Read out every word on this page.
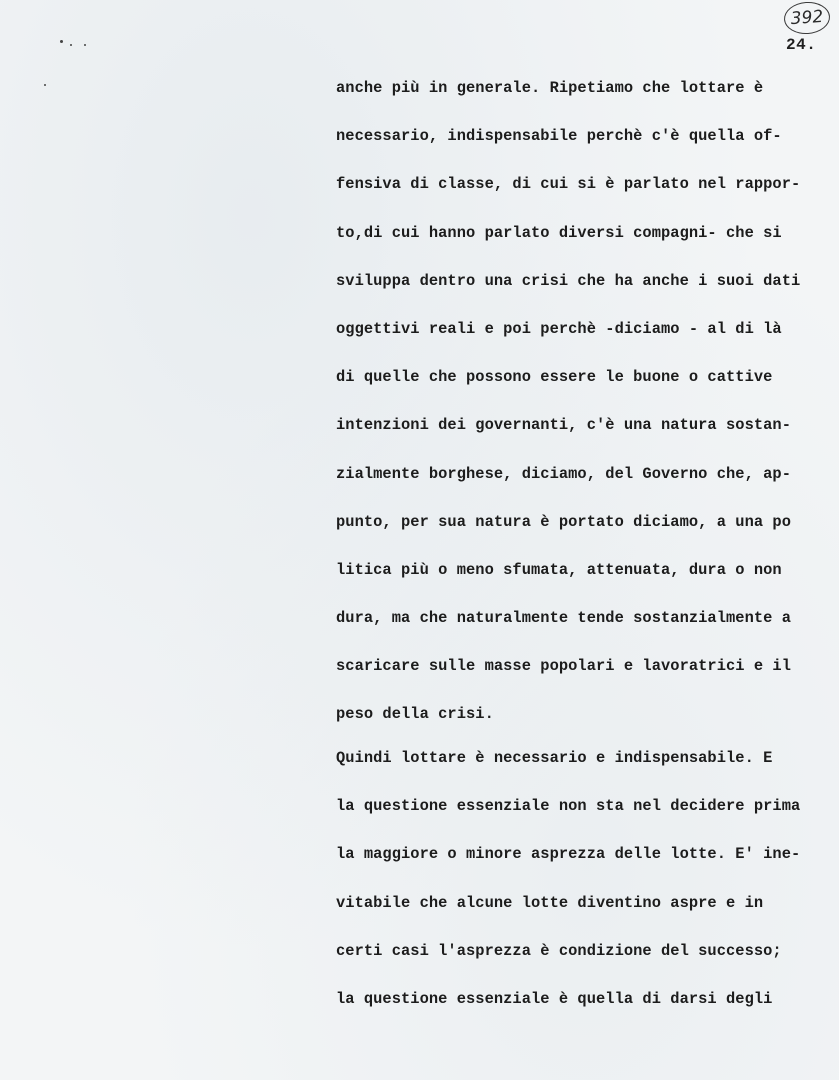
392
24.
anche più in generale. Ripetiamo che lottare è
necessario, indispensabile perchè c'è quella of-
fensiva di classe, di cui si è parlato nel rappor-
to,di cui hanno parlato diversi compagni- che si
sviluppa dentro una crisi che ha anche i suoi dati
oggettivi reali e poi perchè -diciamo - al di là
di quelle che possono essere le buone o cattive
intenzioni dei governanti, c'è una natura sostan-
zialmente borghese, diciamo, del Governo che, ap-
punto, per sua natura è portato diciamo, a una po
litica più o meno sfumata, attenuata, dura o non
dura, ma che naturalmente tende sostanzialmente a
scaricare sulle masse popolari e lavoratrici e il
peso della crisi.
Quindi lottare è necessario e indispensabile. E
la questione essenziale non sta nel decidere prima
la maggiore o minore asprezza delle lotte. E' ine-
vitabile che alcune lotte diventino aspre e in
certi casi l'asprezza è condizione del successo;
la questione essenziale è quella di darsi degli
